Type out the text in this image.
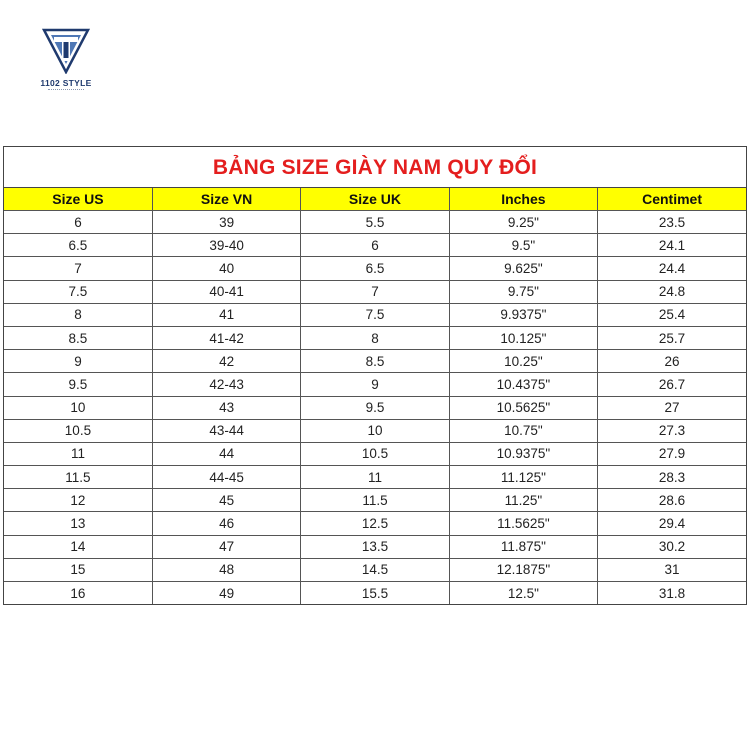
1102 STYLE
BẢNG SIZE GIÀY NAM QUY ĐỔI
Size US	Size VN	Size UK	Inches	Centimet
6	39	5.5	9.25"	23.5
6.5	39-40	6	9.5"	24.1
7	40	6.5	9.625"	24.4
7.5	40-41	7	9.75"	24.8
8	41	7.5	9.9375"	25.4
8.5	41-42	8	10.125"	25.7
9	42	8.5	10.25"	26
9.5	42-43	9	10.4375"	26.7
10	43	9.5	10.5625"	27
10.5	43-44	10	10.75"	27.3
11	44	10.5	10.9375"	27.9
11.5	44-45	11	11.125"	28.3
12	45	11.5	11.25"	28.6
13	46	12.5	11.5625"	29.4
14	47	13.5	11.875"	30.2
15	48	14.5	12.1875"	31
16	49	15.5	12.5"	31.8
